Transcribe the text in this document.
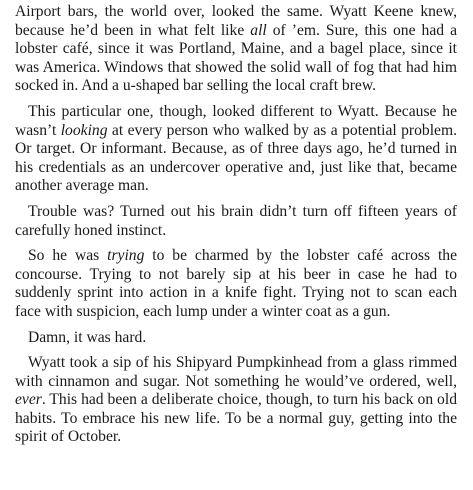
Airport bars, the world over, looked the same. Wyatt Keene knew, because he’d been in what felt like all of ’em. Sure, this one had a lobster café, since it was Portland, Maine, and a bagel place, since it was America. Windows that showed the solid wall of fog that had him socked in. And a u-shaped bar selling the local craft brew.

This particular one, though, looked different to Wyatt. Because he wasn’t looking at every person who walked by as a potential problem. Or target. Or informant. Because, as of three days ago, he’d turned in his credentials as an undercover operative and, just like that, became another average man.

Trouble was? Turned out his brain didn’t turn off fifteen years of carefully honed instinct.

So he was trying to be charmed by the lobster café across the concourse. Trying to not barely sip at his beer in case he had to suddenly sprint into action in a knife fight. Trying not to scan each face with suspicion, each lump under a winter coat as a gun.

Damn, it was hard.

Wyatt took a sip of his Shipyard Pumpkinhead from a glass rimmed with cinnamon and sugar. Not something he would’ve ordered, well, ever. This had been a deliberate choice, though, to turn his back on old habits. To embrace his new life. To be a normal guy, getting into the spirit of October.
